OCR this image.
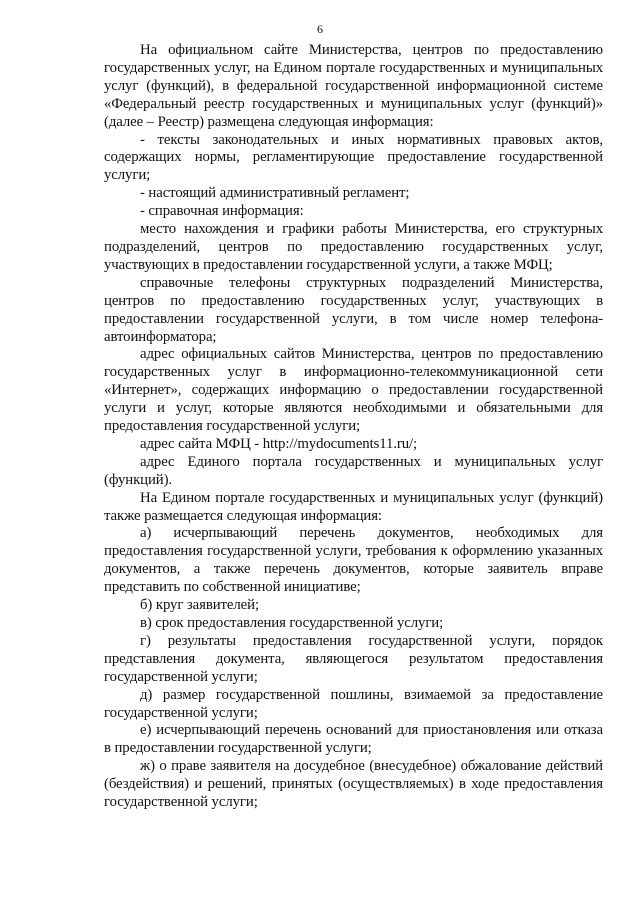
6

На официальном сайте Министерства, центров по предоставлению государственных услуг, на Едином портале государственных и муниципальных услуг (функций), в федеральной государственной информационной системе «Федеральный реестр государственных и муниципальных услуг (функций)» (далее – Реестр) размещена следующая информация:

- тексты законодательных и иных нормативных правовых актов, содержащих нормы, регламентирующие предоставление государственной услуги;

- настоящий административный регламент;

- справочная информация:

место нахождения и графики работы Министерства, его структурных подразделений, центров по предоставлению государственных услуг, участвующих в предоставлении государственной услуги, а также МФЦ;

справочные телефоны структурных подразделений Министерства, центров по предоставлению государственных услуг, участвующих в предоставлении государственной услуги, в том числе номер телефона-автоинформатора;

адрес официальных сайтов Министерства, центров по предоставлению государственных услуг в информационно-телекоммуникационной сети «Интернет», содержащих информацию о предоставлении государственной услуги и услуг, которые являются необходимыми и обязательными для предоставления государственной услуги;

адрес сайта МФЦ - http://mydocuments11.ru/;

адрес Единого портала государственных и муниципальных услуг (функций).

На Едином портале государственных и муниципальных услуг (функций) также размещается следующая информация:

а) исчерпывающий перечень документов, необходимых для предоставления государственной услуги, требования к оформлению указанных документов, а также перечень документов, которые заявитель вправе представить по собственной инициативе;

б) круг заявителей;

в) срок предоставления государственной услуги;

г) результаты предоставления государственной услуги, порядок представления документа, являющегося результатом предоставления государственной услуги;

д) размер государственной пошлины, взимаемой за предоставление государственной услуги;

е) исчерпывающий перечень оснований для приостановления или отказа в предоставлении государственной услуги;

ж) о праве заявителя на досудебное (внесудебное) обжалование действий (бездействия) и решений, принятых (осуществляемых) в ходе предоставления государственной услуги;
